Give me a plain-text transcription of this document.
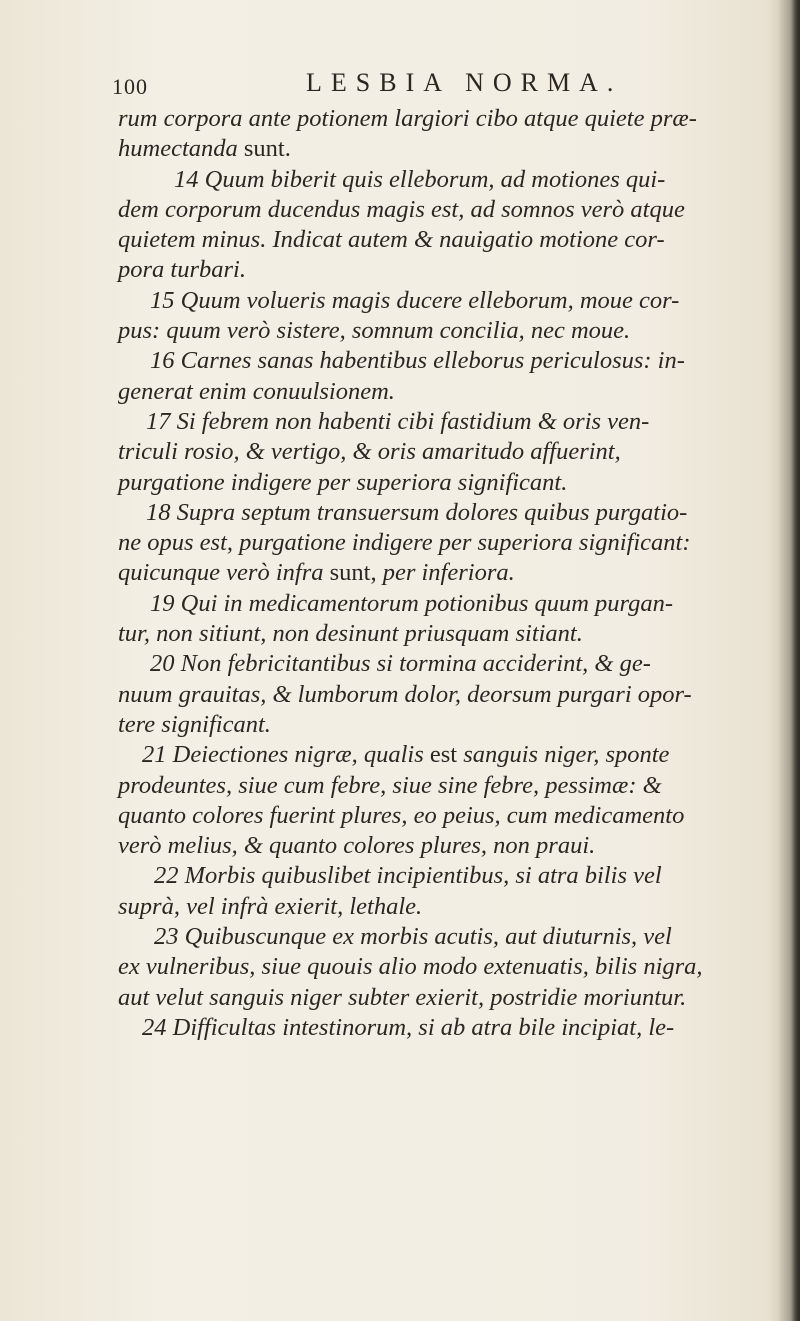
100	LESBIA NORMA.
rum corpora ante potionem largiori cibo atque quiete præ-
humectanda sunt.
14 Quum biberit quis elleborum, ad motiones qui-
dem corporum ducendus magis est, ad somnos verò atque
quietem minus. Indicat autem & nauigatio motione cor-
pora turbari.
15 Quum volueris magis ducere elleborum, moue cor-
pus: quum verò sistere, somnum concilia, nec moue.
16 Carnes sanas habentibus elleborus periculosus: in-
generat enim conuulsionem.
17 Si febrem non habenti cibi fastidium & oris ven-
triculi rosio, & vertigo, & oris amaritudo affuerint,
purgatione indigere per superiora significant.
18 Supra septum transuersum dolores quibus purgatio-
ne opus est, purgatione indigere per superiora significant:
quicunque verò infra sunt, per inferiora.
19 Qui in medicamentorum potionibus quum purgan-
tur, non sitiunt, non desinunt priusquam sitiant.
20 Non febricitantibus si tormina acciderint, & ge-
nuum grauitas, & lumborum dolor, deorsum purgari opor-
tere significant.
21 Deiectiones nigræ, qualis est sanguis niger, sponte
prodeuntes, siue cum febre, siue sine febre, pessimæ: &
quanto colores fuerint plures, eo peius, cum medicamento
verò melius, & quanto colores plures, non praui.
22 Morbis quibuslibet incipientibus, si atra bilis vel
suprà, vel infrà exierit, lethale.
23 Quibuscunque ex morbis acutis, aut diuturnis, vel
ex vulneribus, siue quouis alio modo extenuatis, bilis nigra,
aut velut sanguis niger subter exierit, postridie moriuntur.
24 Difficultas intestinorum, si ab atra bile incipiat, le-
